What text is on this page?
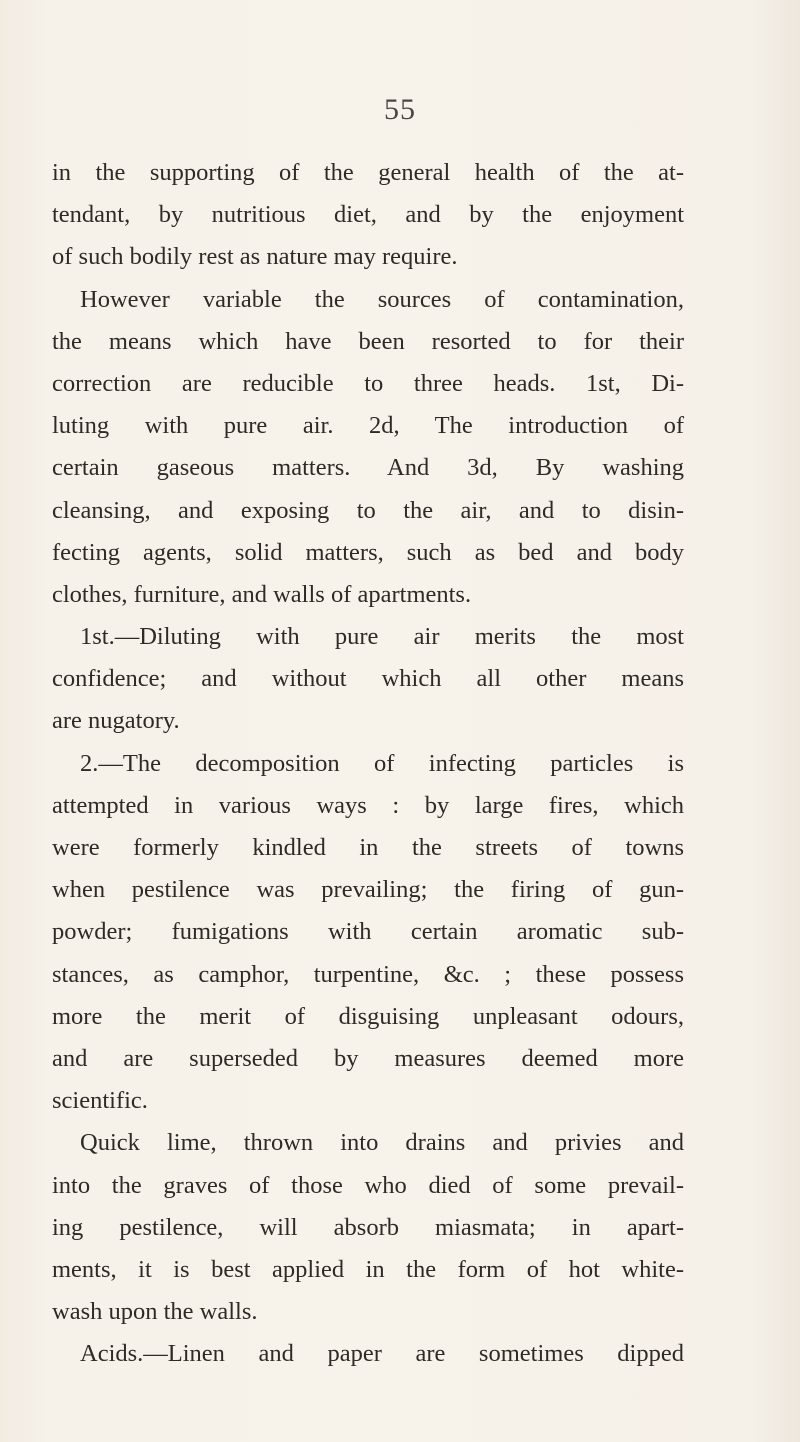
55
in the supporting of the general health of the at-
tendant, by nutritious diet, and by the enjoyment
of such bodily rest as nature may require.
However variable the sources of contamination,
the means which have been resorted to for their
correction are reducible to three heads. 1st, Di-
luting with pure air. 2d, The introduction of
certain gaseous matters. And 3d, By washing
cleansing, and exposing to the air, and to disin-
fecting agents, solid matters, such as bed and body
clothes, furniture, and walls of apartments.
1st.—Diluting with pure air merits the most
confidence; and without which all other means
are nugatory.
2.—The decomposition of infecting particles is
attempted in various ways : by large fires, which
were formerly kindled in the streets of towns
when pestilence was prevailing; the firing of gun-
powder; fumigations with certain aromatic sub-
stances, as camphor, turpentine, &c. ; these possess
more the merit of disguising unpleasant odours,
and are superseded by measures deemed more
scientific.
Quick lime, thrown into drains and privies and
into the graves of those who died of some prevail-
ing pestilence, will absorb miasmata; in apart-
ments, it is best applied in the form of hot white-
wash upon the walls.
Acids.—Linen and paper are sometimes dipped
